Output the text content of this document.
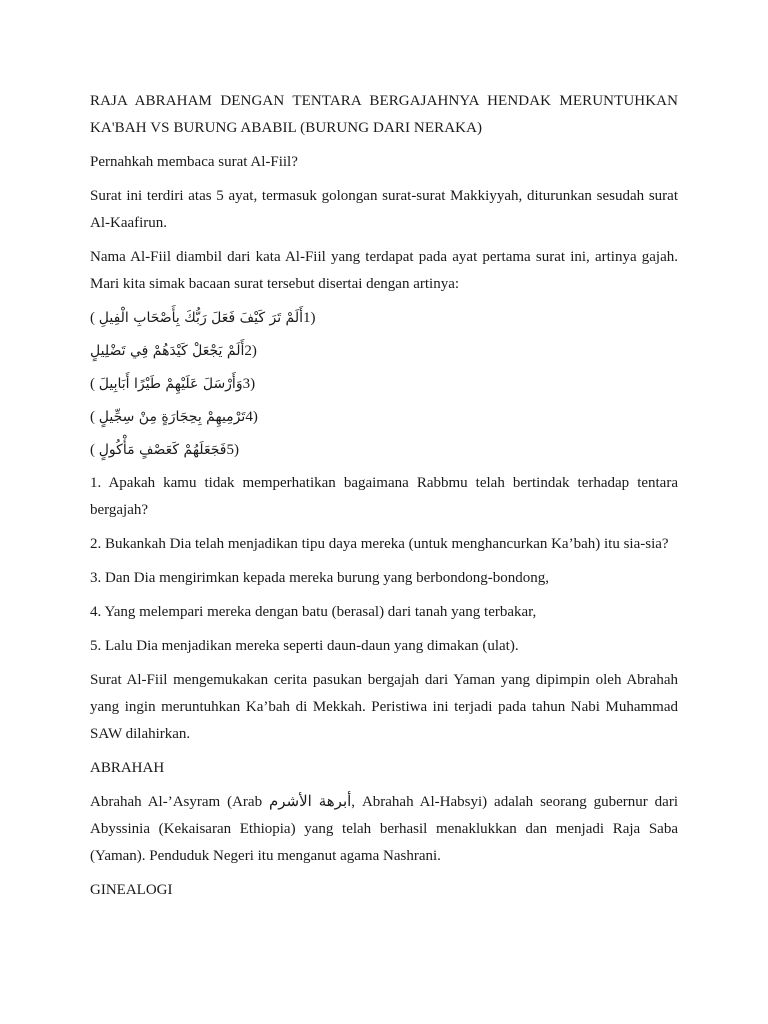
RAJA ABRAHAM DENGAN TENTARA BERGAJAHNYA HENDAK MERUNTUHKAN KA'BAH VS BURUNG ABABIL (BURUNG DARI NERAKA)

Pernahkah membaca surat Al-Fiil?

Surat ini terdiri atas 5 ayat, termasuk golongan surat-surat Makkiyyah, diturunkan sesudah surat Al-Kaafirun.

Nama Al-Fiil diambil dari kata Al-Fiil yang terdapat pada ayat pertama surat ini, artinya gajah. Mari kita simak bacaan surat tersebut disertai dengan artinya:

( أَلَمْ تَرَ كَيْفَ فَعَلَ رَبُّكَ بِأَصْحَابِ الْفِيلِ1)
أَلَمْ يَجْعَلْ كَيْدَهُمْ فِي تَضْلِيلٍ2)
( وَأَرْسَلَ عَلَيْهِمْ طَيْرًا أَبَابِيلَ3)
( تَرْمِيهِمْ بِحِجَارَةٍ مِنْ سِجِّيلٍ4)
( فَجَعَلَهُمْ كَعَصْفٍ مَأْكُولٍ5)

1. Apakah kamu tidak memperhatikan bagaimana Rabbmu telah bertindak terhadap tentara bergajah?

2. Bukankah Dia telah menjadikan tipu daya mereka (untuk menghancurkan Ka’bah) itu sia-sia?

3. Dan Dia mengirimkan kepada mereka burung yang berbondong-bondong,

4. Yang melempari mereka dengan batu (berasal) dari tanah yang terbakar,

5. Lalu Dia menjadikan mereka seperti daun-daun yang dimakan (ulat).

Surat Al-Fiil mengemukakan cerita pasukan bergajah dari Yaman yang dipimpin oleh Abrahah yang ingin meruntuhkan Ka’bah di Mekkah. Peristiwa ini terjadi pada tahun Nabi Muhammad SAW dilahirkan.

ABRAHAH

Abrahah Al-’Asyram (Arab أبرهة الأشرم, Abrahah Al-Habsyi) adalah seorang gubernur dari Abyssinia (Kekaisaran Ethiopia) yang telah berhasil menaklukkan dan menjadi Raja Saba (Yaman). Penduduk Negeri itu menganut agama Nashrani.

GINEALOGI
